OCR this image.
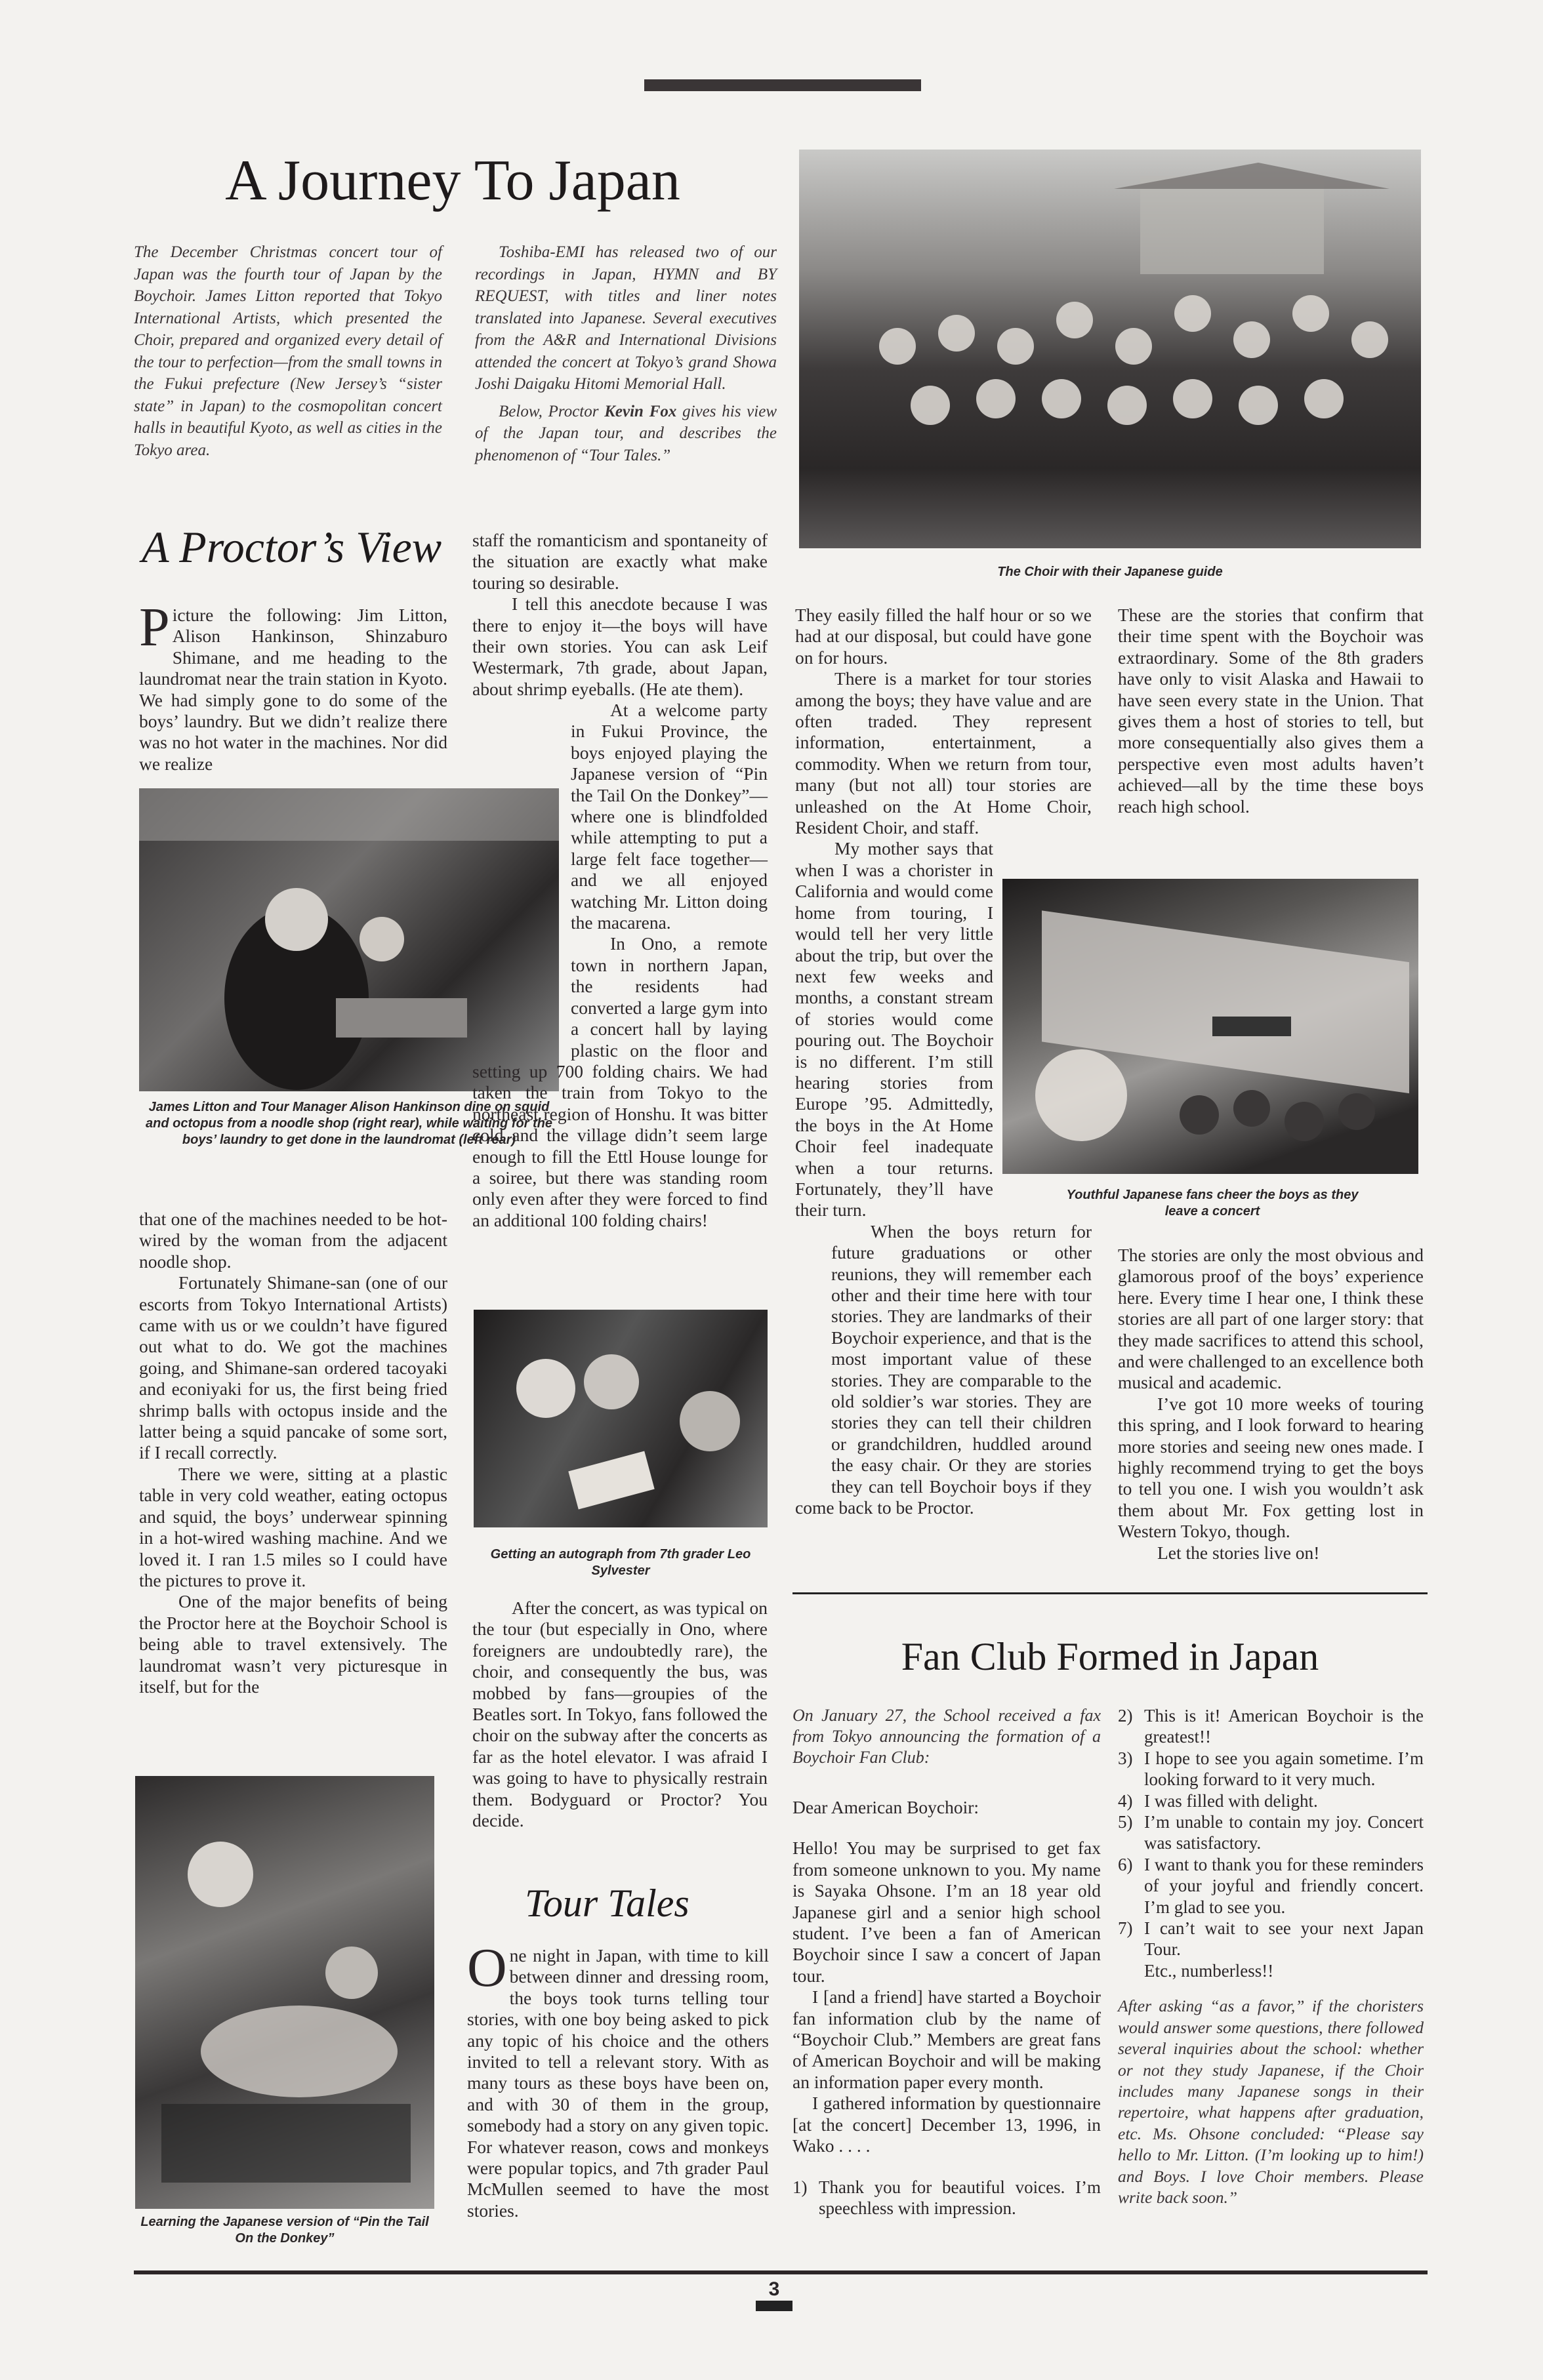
A Journey To Japan

The December Christmas concert tour of Japan was the fourth tour of Japan by the Boychoir. James Litton reported that Tokyo International Artists, which presented the Choir, prepared and organized every detail of the tour to perfection—from the small towns in the Fukui prefecture (New Jersey’s “sister state” in Japan) to the cosmopolitan concert halls in beautiful Kyoto, as well as cities in the Tokyo area.

Toshiba-EMI has released two of our recordings in Japan, HYMN and BY REQUEST, with titles and liner notes translated into Japanese. Several executives from the A&R and International Divisions attended the concert at Tokyo’s grand Showa Joshi Daigaku Hitomi Memorial Hall.

Below, Proctor Kevin Fox gives his view of the Japan tour, and describes the phenomenon of “Tour Tales.”

The Choir with their Japanese guide
A Proctor’s View

Picture the following: Jim Litton, Alison Hankinson, Shinzaburo Shimane, and me heading to the laundromat near the train station in Kyoto. We had simply gone to do some of the boys’ laundry. But we didn’t realize there was no hot water in the machines. Nor did we realize

James Litton and Tour Manager Alison Hankinson dine on squid and octopus from a noodle shop (right rear), while waiting for the boys’ laundry to get done in the laundromat (left rear)

that one of the machines needed to be hot-wired by the woman from the adjacent noodle shop.

Fortunately Shimane-san (one of our escorts from Tokyo International Artists) came with us or we couldn’t have figured out what to do. We got the machines going, and Shimane-san ordered tacoyaki and econiyaki for us, the first being fried shrimp balls with octopus inside and the latter being a squid pancake of some sort, if I recall correctly.

There we were, sitting at a plastic table in very cold weather, eating octopus and squid, the boys’ underwear spinning in a hot-wired washing machine. And we loved it. I ran 1.5 miles so I could have the pictures to prove it.

One of the major benefits of being the Proctor here at the Boychoir School is being able to travel extensively. The laundromat wasn’t very picturesque in itself, but for the

Learning the Japanese version of “Pin the Tail On the Donkey”

staff the romanticism and spontaneity of the situation are exactly what make touring so desirable.

I tell this anecdote because I was there to enjoy it—the boys will have their own stories. You can ask Leif Westermark, 7th grade, about Japan, about shrimp eyeballs. (He ate them).

At a welcome party in Fukui Province, the boys enjoyed playing the Japanese version of “Pin the Tail On the Donkey”—where one is blindfolded while attempting to put a large felt face together—and we all enjoyed watching Mr. Litton doing the macarena.

In Ono, a remote town in northern Japan, the residents had converted a large gym into a concert hall by laying plastic on the floor and setting up 700 folding chairs. We had taken the train from Tokyo to the northeast region of Honshu. It was bitter cold and the village didn’t seem large enough to fill the Ettl House lounge for a soiree, but there was standing room only even after they were forced to find an additional 100 folding chairs!

Getting an autograph from 7th grader Leo Sylvester

After the concert, as was typical on the tour (but especially in Ono, where foreigners are undoubtedly rare), the choir, and consequently the bus, was mobbed by fans—groupies of the Beatles sort. In Tokyo, fans followed the choir on the subway after the concerts as far as the hotel elevator. I was afraid I was going to have to physically restrain them. Bodyguard or Proctor? You decide.

Tour Tales

One night in Japan, with time to kill between dinner and dressing room, the boys took turns telling tour stories, with one boy being asked to pick any topic of his choice and the others invited to tell a relevant story. With as many tours as these boys have been on, and with 30 of them in the group, somebody had a story on any given topic. For whatever reason, cows and monkeys were popular topics, and 7th grader Paul McMullen seemed to have the most stories.

They easily filled the half hour or so we had at our disposal, but could have gone on for hours.

There is a market for tour stories among the boys; they have value and are often traded. They represent information, entertainment, a commodity. When we return from tour, many (but not all) tour stories are unleashed on the At Home Choir, Resident Choir, and staff.

My mother says that when I was a chorister in California and would come home from touring, I would tell her very little about the trip, but over the next few weeks and months, a constant stream of stories would come pouring out. The Boychoir is no different. I’m still hearing stories from Europe ’95. Admittedly, the boys in the At Home Choir feel inadequate when a tour returns. Fortunately, they’ll have their turn.

When the boys return for future graduations or other reunions, they will remember each other and their time here with tour stories. They are landmarks of their Boychoir experience, and that is the most important value of these stories. They are comparable to the old soldier’s war stories. They are stories they can tell their children or grandchildren, huddled around the easy chair. Or they are stories they can tell Boychoir boys if they come back to be Proctor.

These are the stories that confirm that their time spent with the Boychoir was extraordinary. Some of the 8th graders have only to visit Alaska and Hawaii to have seen every state in the Union. That gives them a host of stories to tell, but more consequentially also gives them a perspective even most adults haven’t achieved—all by the time these boys reach high school.

Youthful Japanese fans cheer the boys as they leave a concert

The stories are only the most obvious and glamorous proof of the boys’ experience here. Every time I hear one, I think these stories are all part of one larger story: that they made sacrifices to attend this school, and were challenged to an excellence both musical and academic.

I’ve got 10 more weeks of touring this spring, and I look forward to hearing more stories and seeing new ones made. I highly recommend trying to get the boys to tell you one. I wish you wouldn’t ask them about Mr. Fox getting lost in Western Tokyo, though.

Let the stories live on!

Fan Club Formed in Japan

On January 27, the School received a fax from Tokyo announcing the formation of a Boychoir Fan Club:

Dear American Boychoir:

Hello! You may be surprised to get fax from someone unknown to you. My name is Sayaka Ohsone. I’m an 18 year old Japanese girl and a senior high school student. I’ve been a fan of American Boychoir since I saw a concert of Japan tour.

I [and a friend] have started a Boychoir fan information club by the name of “Boychoir Club.” Members are great fans of American Boychoir and will be making an information paper every month.

I gathered information by questionnaire [at the concert] December 13, 1996, in Wako . . . .

1) Thank you for beautiful voices. I’m speechless with impression.
2) This is it! American Boychoir is the greatest!!
3) I hope to see you again sometime. I’m looking forward to it very much.
4) I was filled with delight.
5) I’m unable to contain my joy. Concert was satisfactory.
6) I want to thank you for these reminders of your joyful and friendly concert. I’m glad to see you.
7) I can’t wait to see your next Japan Tour.
Etc., numberless!!

After asking “as a favor,” if the choristers would answer some questions, there followed several inquiries about the school: whether or not they study Japanese, if the Choir includes many Japanese songs in their repertoire, what happens after graduation, etc. Ms. Ohsone concluded: “Please say hello to Mr. Litton. (I’m looking up to him!) and Boys. I love Choir members. Please write back soon.”

3
